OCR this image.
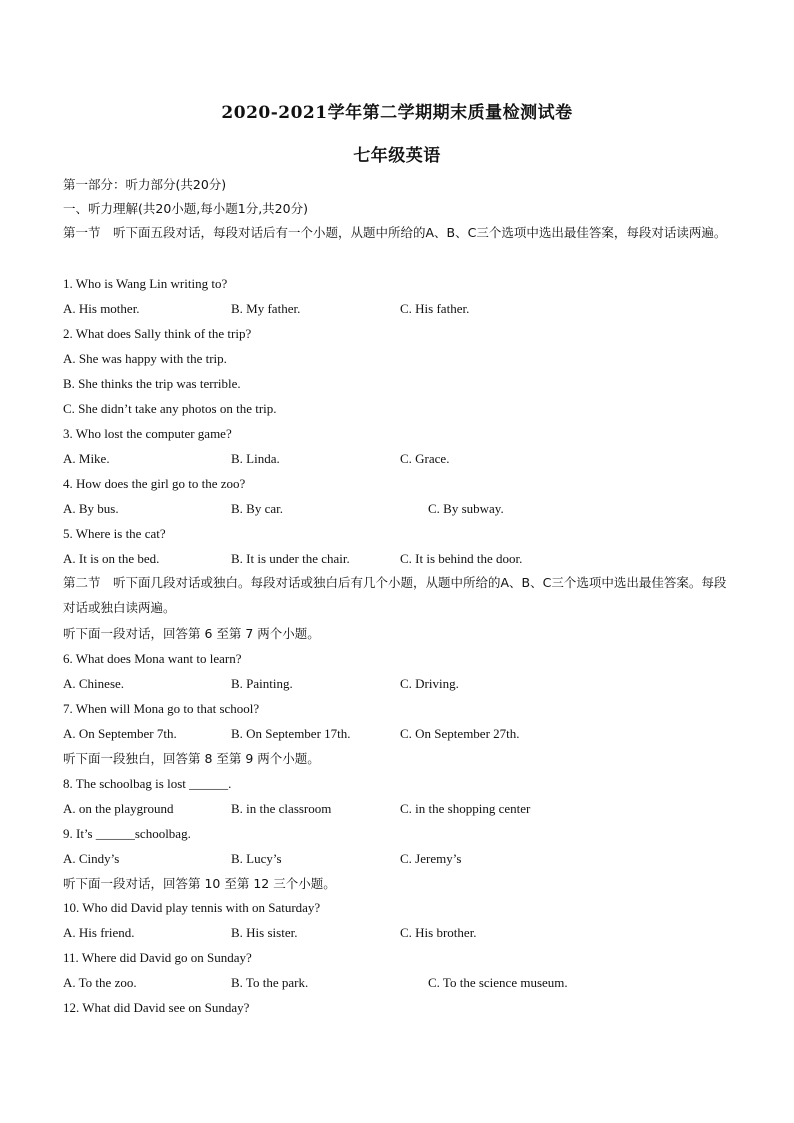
2020-2021学年第二学期期末质量检测试卷
七年级英语
第一部分：听力部分(共20分)
一、听力理解(共20小题,每小题1分,共20分)
第一节　听下面五段对话，每段对话后有一个小题，从题中所给的A、B、C三个选项中选出最佳答案，每段对话读两遍。
1. Who is Wang Lin writing to?
A. His mother.	B. My father.	C. His father.
2. What does Sally think of the trip?
A. She was happy with the trip.
B. She thinks the trip was terrible.
C. She didn’t take any photos on the trip.
3. Who lost the computer game?
A. Mike.	B. Linda.	C. Grace.
4. How does the girl go to the zoo?
A. By bus.	B. By car.	C. By subway.
5. Where is the cat?
A. It is on the bed.	B. It is under the chair.	C. It is behind the door.
第二节　听下面几段对话或独白。每段对话或独白后有几个小题，从题中所给的A、B、C三个选项中选出最佳答案。每段对话或独白读两遍。
听下面一段对话，回答第 6 至第 7 两个小题。
6. What does Mona want to learn?
A. Chinese.	B. Painting.	C. Driving.
7. When will Mona go to that school?
A. On September 7th.	B. On September 17th.	C. On September 27th.
听下面一段独白，回答第 8 至第 9 两个小题。
8. The schoolbag is lost ______.
A. on the playground	B. in the classroom	C. in the shopping center
9. It’s ______schoolbag.
A. Cindy’s	B. Lucy’s	C. Jeremy’s
听下面一段对话，回答第 10 至第 12 三个小题。
10. Who did David play tennis with on Saturday?
A. His friend.	B. His sister.	C. His brother.
11. Where did David go on Sunday?
A. To the zoo.	B. To the park.	C. To the science museum.
12. What did David see on Sunday?
